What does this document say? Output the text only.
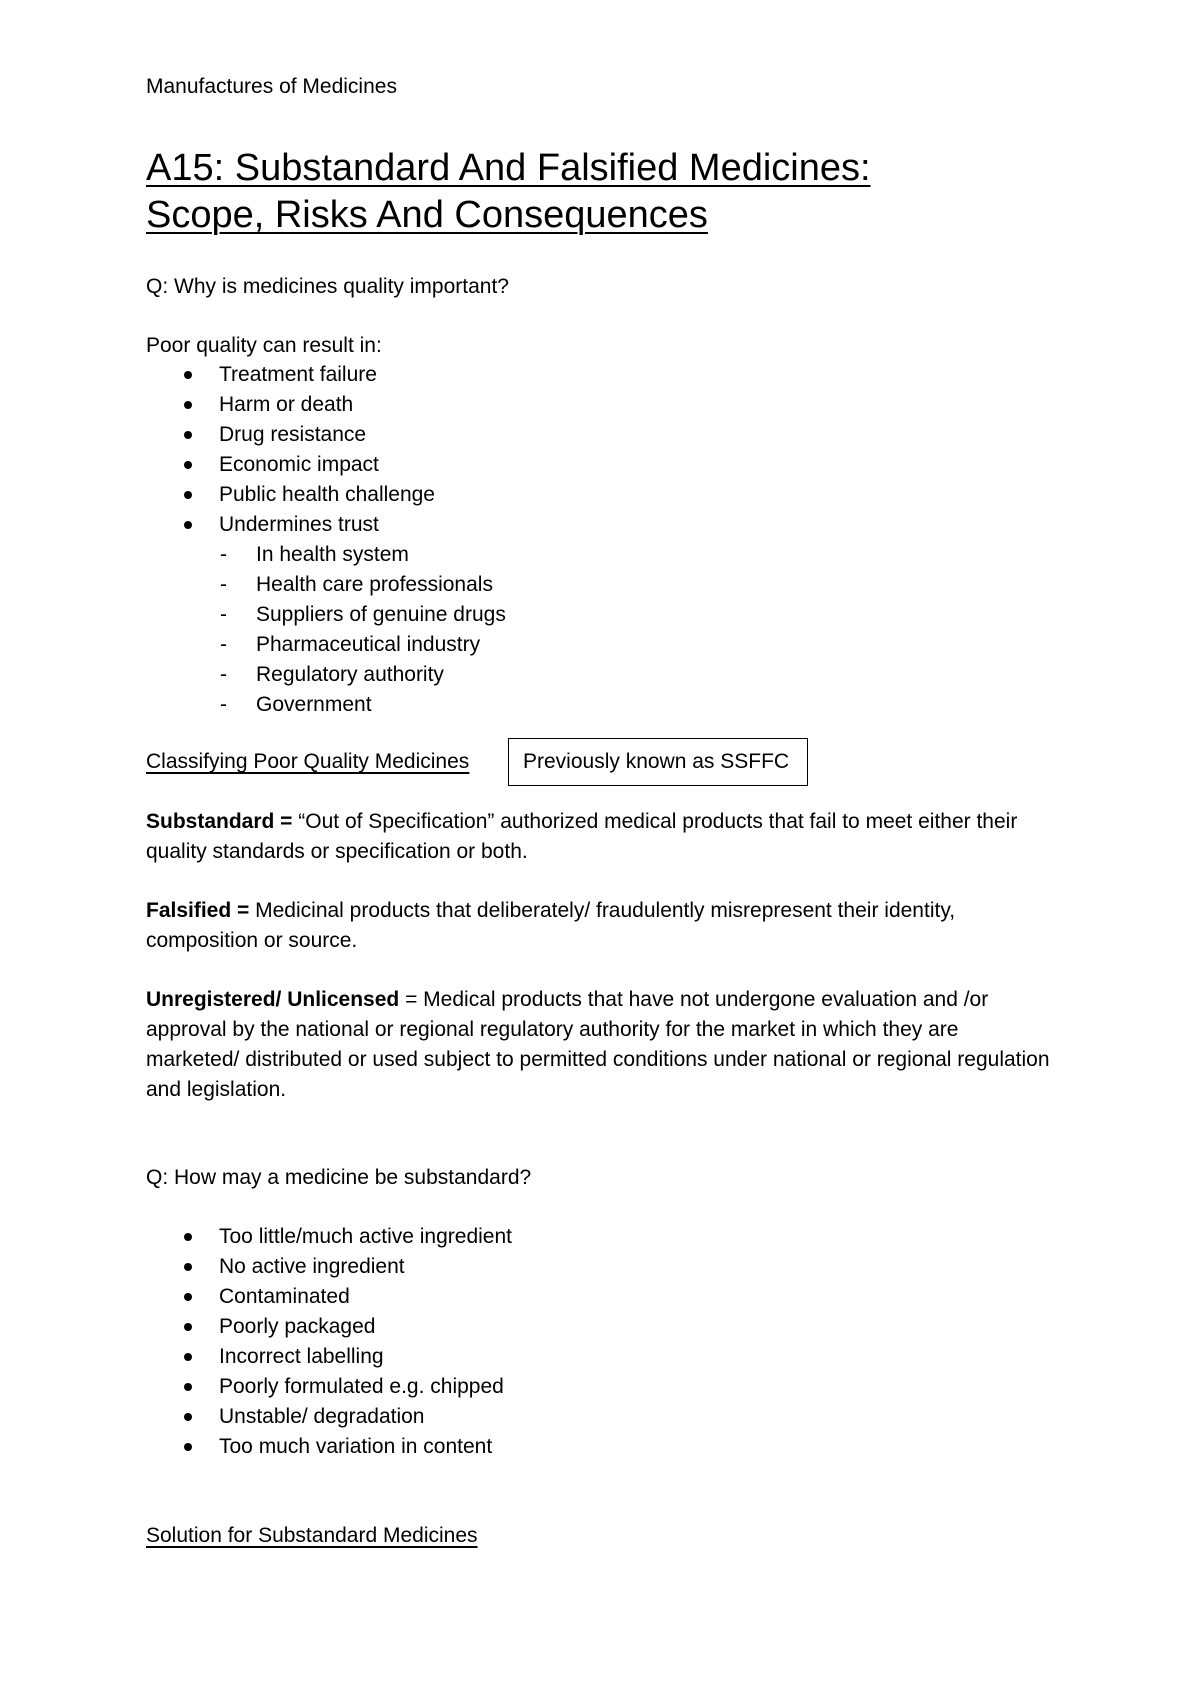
Manufactures of Medicines
A15: Substandard And Falsified Medicines:
Scope, Risks And Consequences
Q: Why is medicines quality important?
Poor quality can result in:
Treatment failure
Harm or death
Drug resistance
Economic impact
Public health challenge
Undermines trust
- In health system
- Health care professionals
- Suppliers of genuine drugs
- Pharmaceutical industry
- Regulatory authority
- Government
Classifying Poor Quality Medicines	Previously known as SSFFC
Substandard = “Out of Specification” authorized medical products that fail to meet either their quality standards or specification or both.
Falsified = Medicinal products that deliberately/ fraudulently misrepresent their identity, composition or source.
Unregistered/ Unlicensed = Medical products that have not undergone evaluation and /or approval by the national or regional regulatory authority for the market in which they are marketed/ distributed or used subject to permitted conditions under national or regional regulation and legislation.
Q: How may a medicine be substandard?
Too little/much active ingredient
No active ingredient
Contaminated
Poorly packaged
Incorrect labelling
Poorly formulated e.g. chipped
Unstable/ degradation
Too much variation in content
Solution for Substandard Medicines
